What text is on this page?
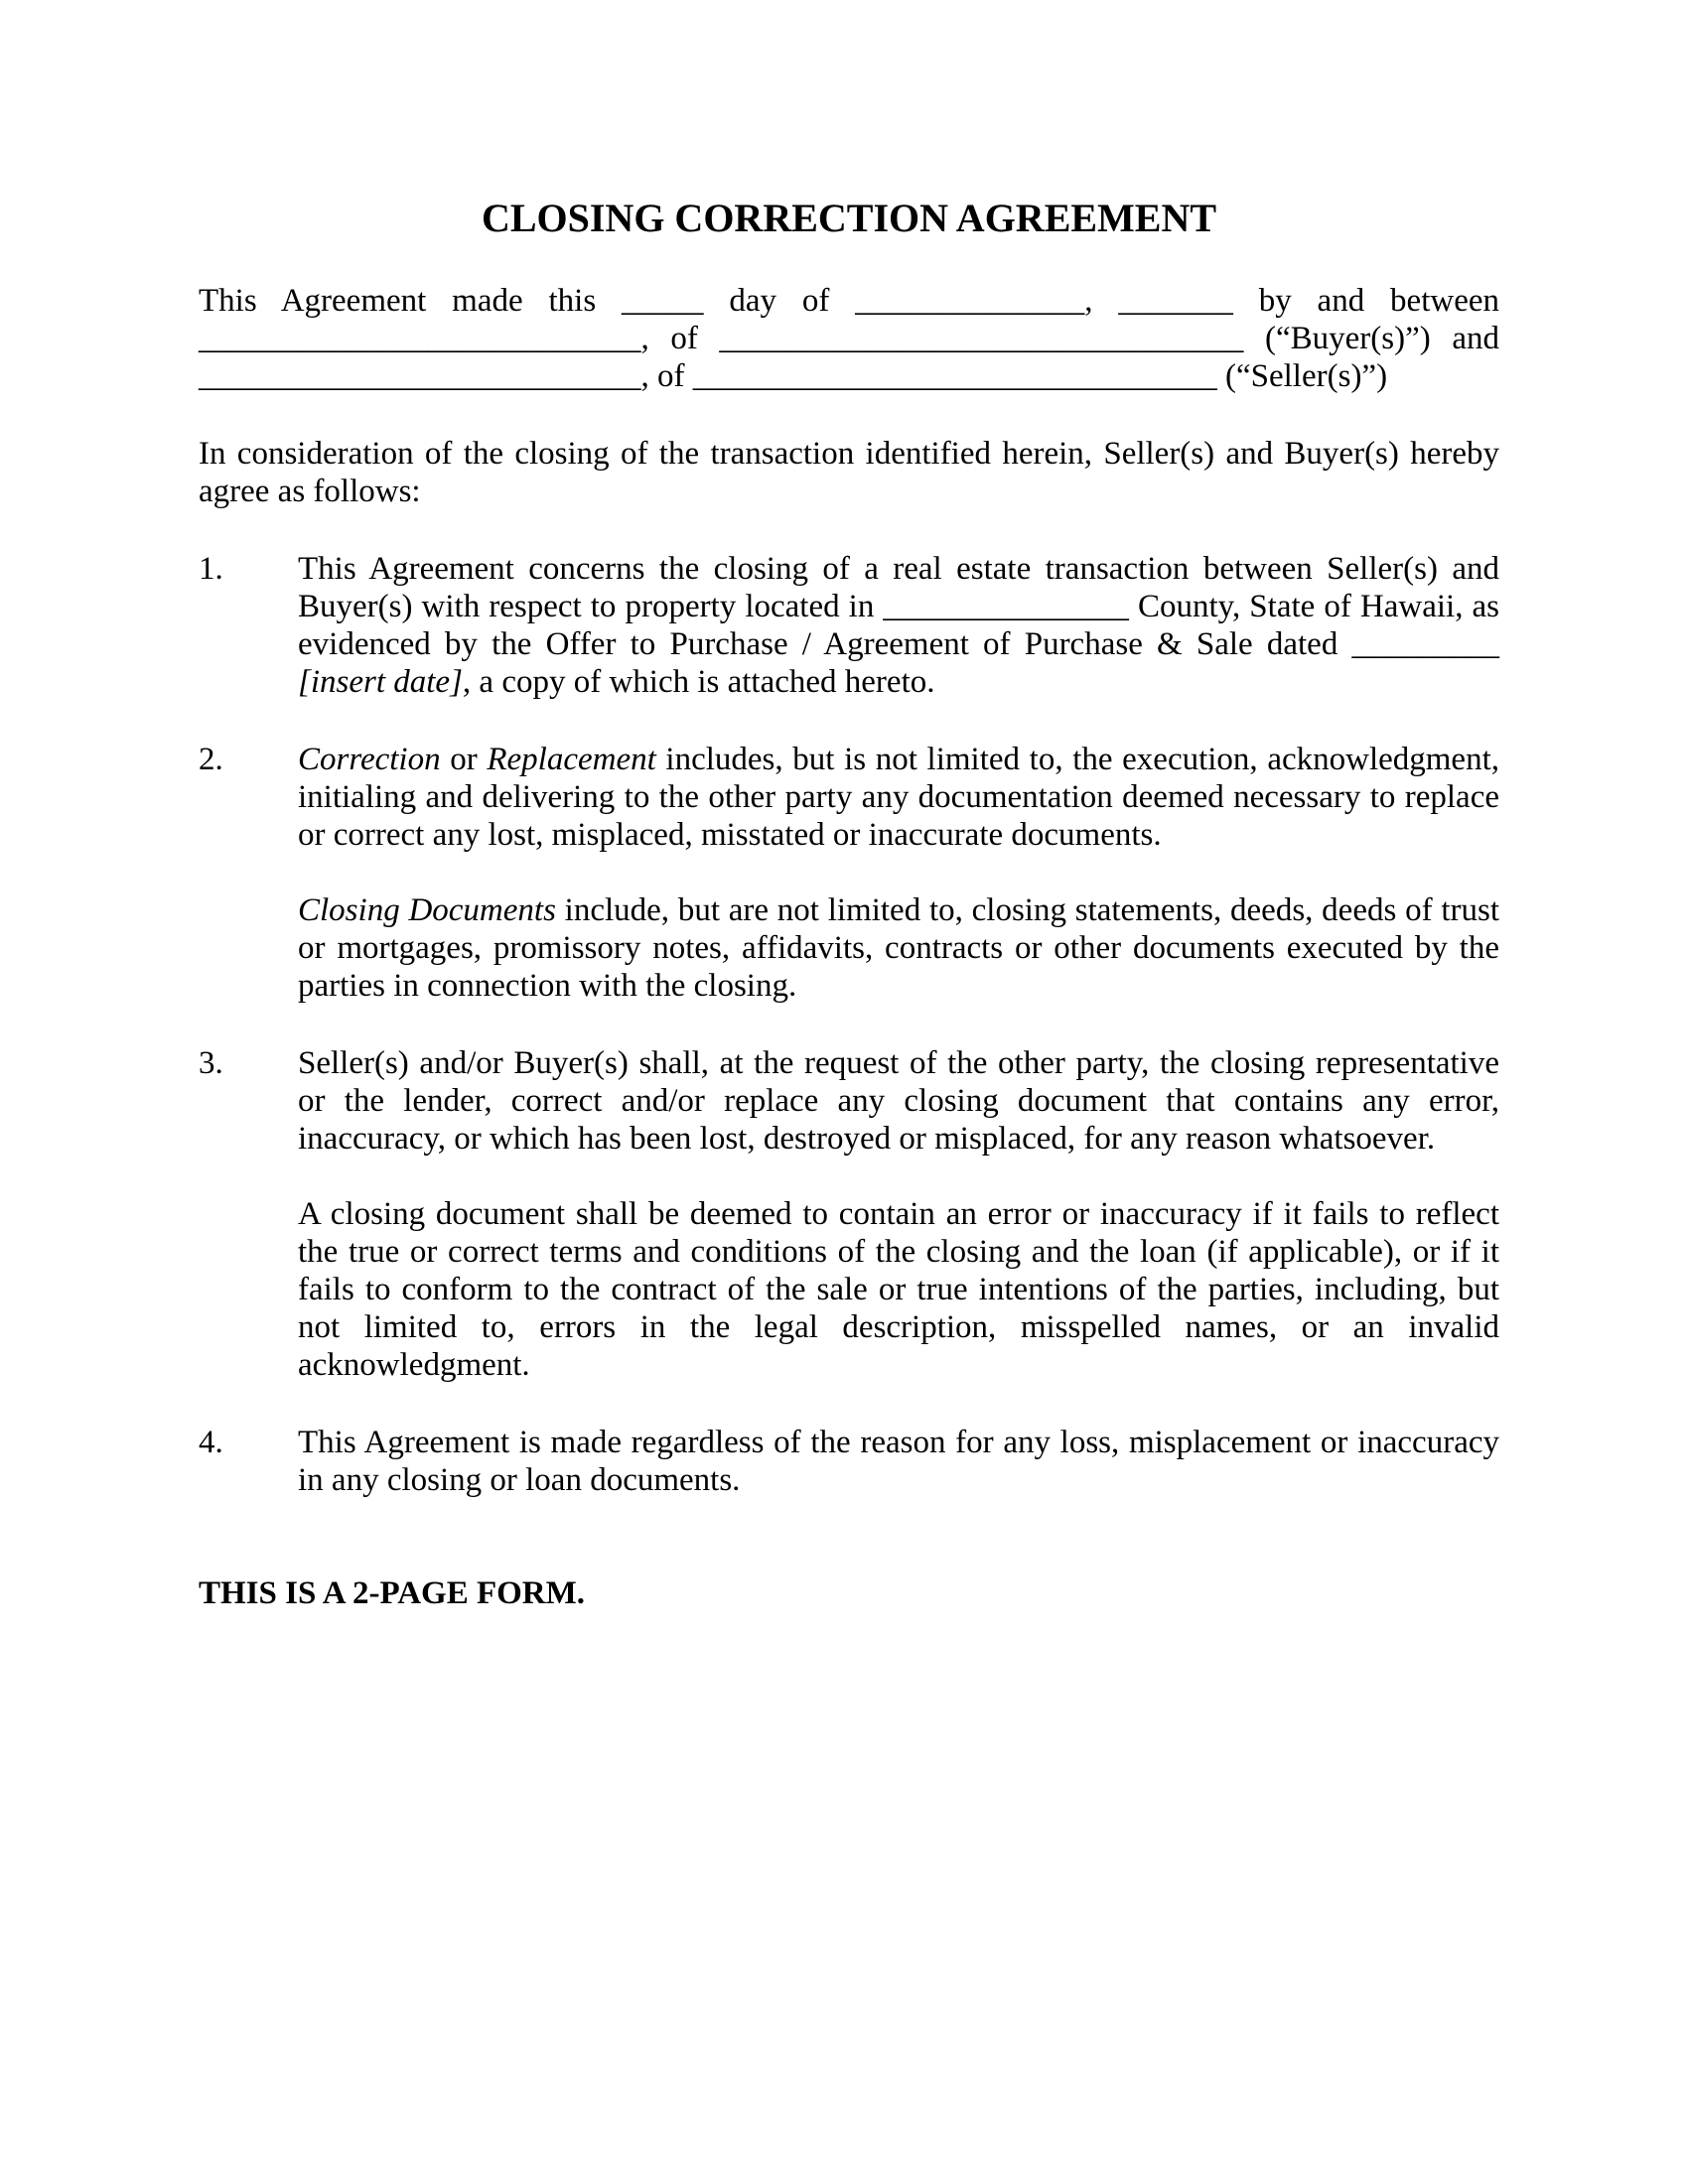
CLOSING CORRECTION AGREEMENT
This Agreement made this _____ day of ______________, _______ by and between
___________________________, of ________________________________ (“Buyer(s)”) and
___________________________, of ________________________________ (“Seller(s)”)

In consideration of the closing of the transaction identified herein, Seller(s) and Buyer(s) hereby agree as follows:

1.	This Agreement concerns the closing of a real estate transaction between Seller(s) and Buyer(s) with respect to property located in _______________ County, State of Hawaii, as evidenced by the Offer to Purchase / Agreement of Purchase & Sale dated _________ [insert date], a copy of which is attached hereto.

2.	Correction or Replacement includes, but is not limited to, the execution, acknowledgment, initialing and delivering to the other party any documentation deemed necessary to replace or correct any lost, misplaced, misstated or inaccurate documents.

Closing Documents include, but are not limited to, closing statements, deeds, deeds of trust or mortgages, promissory notes, affidavits, contracts or other documents executed by the parties in connection with the closing.

3.	Seller(s) and/or Buyer(s) shall, at the request of the other party, the closing representative or the lender, correct and/or replace any closing document that contains any error, inaccuracy, or which has been lost, destroyed or misplaced, for any reason whatsoever.

A closing document shall be deemed to contain an error or inaccuracy if it fails to reflect the true or correct terms and conditions of the closing and the loan (if applicable), or if it fails to conform to the contract of the sale or true intentions of the parties, including, but not limited to, errors in the legal description, misspelled names, or an invalid acknowledgment.

4.	This Agreement is made regardless of the reason for any loss, misplacement or inaccuracy in any closing or loan documents.

THIS IS A 2-PAGE FORM.
